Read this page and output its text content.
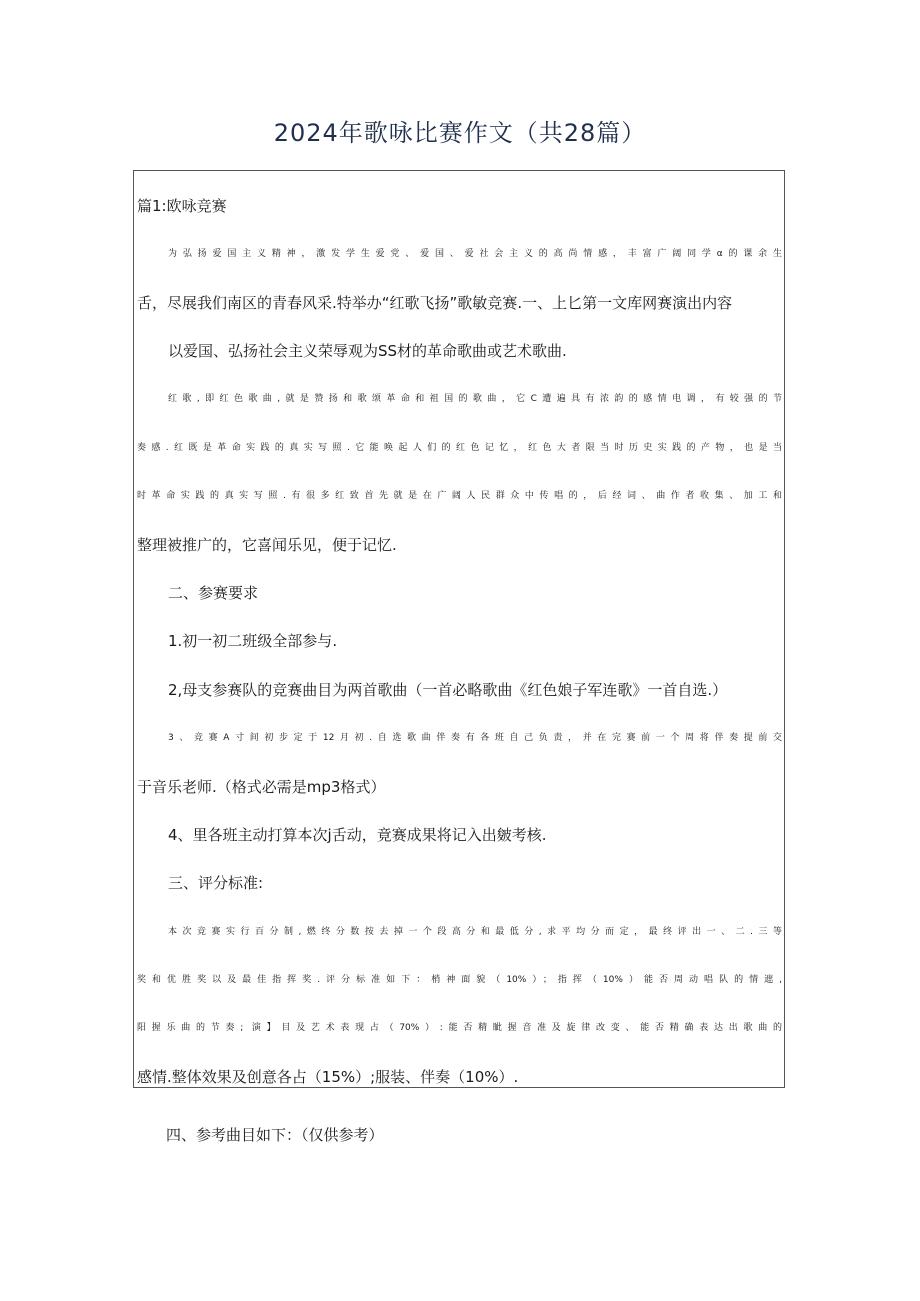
2024年歌咏比赛作文（共28篇）
篇1:欧咏竞赛
为弘扬爱国主义精神，激发学生爱党、爱国、爱社会主义的高尚情感，丰富广阔同学α的课余生
舌，尽展我们南区的青春风采.特举办“红歌飞扬”歌敏竞赛.一、上匕第一文库网赛演出内容
以爱国、弘扬社会主义荣辱观为SS材的革命歌曲或艺术歌曲.
红歌,即红色歌曲,就是赞扬和歌颂革命和祖国的歌曲，它C遭遍具有浓韵的感情电调，有较强的节
奏感.红既是革命实践的真实写照.它能唤起人们的红色记忆，红色大者限当时历史实践的产物，也是当
时革命实践的真实写照.有很多红致首先就是在广阔人民群众中传唱的，后经词、曲作者收集、加工和
整理被推广的，它喜闻乐见，便于记忆.
二、参赛要求
1.初一初二班级全部参与.
2,母支参赛队的竞赛曲目为两首歌曲（一首必略歌曲《红色娘子军连歌》一首自选.）
3、竞赛A寸间初步定于12月初.自选歌曲伴奏有各班自己负责，并在完赛前一个周将伴奏提前交
于音乐老师.（格式必需是mp3格式）
4、里各班主动打算本次j舌动，竟赛成果将记入出皴考核.
三、评分标准:
本次竞赛实行百分制,燃终分数按去掉一个段高分和最低分,求平均分而定，最终评出一、二.三等
奖和优胜奖以及最佳指挥奖.评分标准如下：梢神面貌（10%）；指挥（10%）能否周动唱队的情遮,
阳握乐曲的节奏; 演】目及艺术表现占（70%）:能否精眦握音准及旋律改变、能否精确表达出歌曲的
感情.整体效果及创意各占（15%）;服装、伴奏（10%）.
四、参考曲目如下：（仅供参考）
